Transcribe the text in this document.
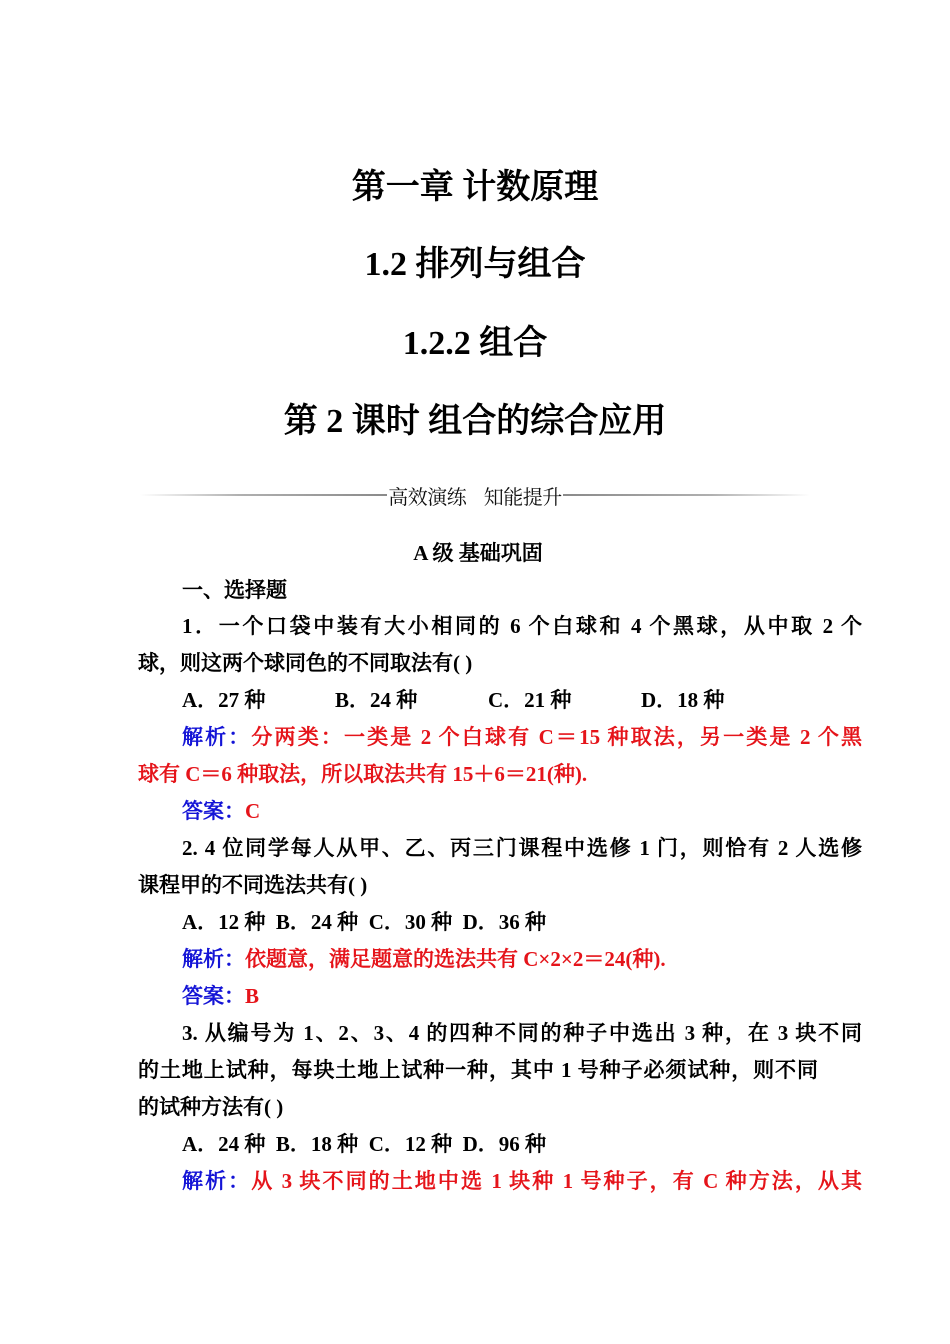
第一章 计数原理
1.2 排列与组合
1.2.2 组合
第 2 课时 组合的综合应用
高效演练   知能提升
A 级 基础巩固
一、选择题
1．一个口袋中装有大小相同的 6 个白球和 4 个黑球，从中取 2 个
球，则这两个球同色的不同取法有( )
A．27 种	B．24 种	C．21 种	D．18 种
解析：分两类：一类是 2 个白球有 C＝15 种取法，另一类是 2 个黑
球有 C＝6 种取法，所以取法共有 15＋6＝21(种).
答案：C
2. 4 位同学每人从甲、乙、丙三门课程中选修 1 门，则恰有 2 人选修
课程甲的不同选法共有( )
A．12 种 B．24 种 C．30 种 D．36 种
解析：依题意，满足题意的选法共有 C×2×2＝24(种).
答案：B
3. 从编号为 1、2、3、4 的四种不同的种子中选出 3 种，在 3 块不同
的土地上试种，每块土地上试种一种，其中 1 号种子必须试种，则不同
的试种方法有( )
A．24 种 B．18 种 C．12 种 D．96 种
解析：从 3 块不同的土地中选 1 块种 1 号种子，有 C 种方法，从其
